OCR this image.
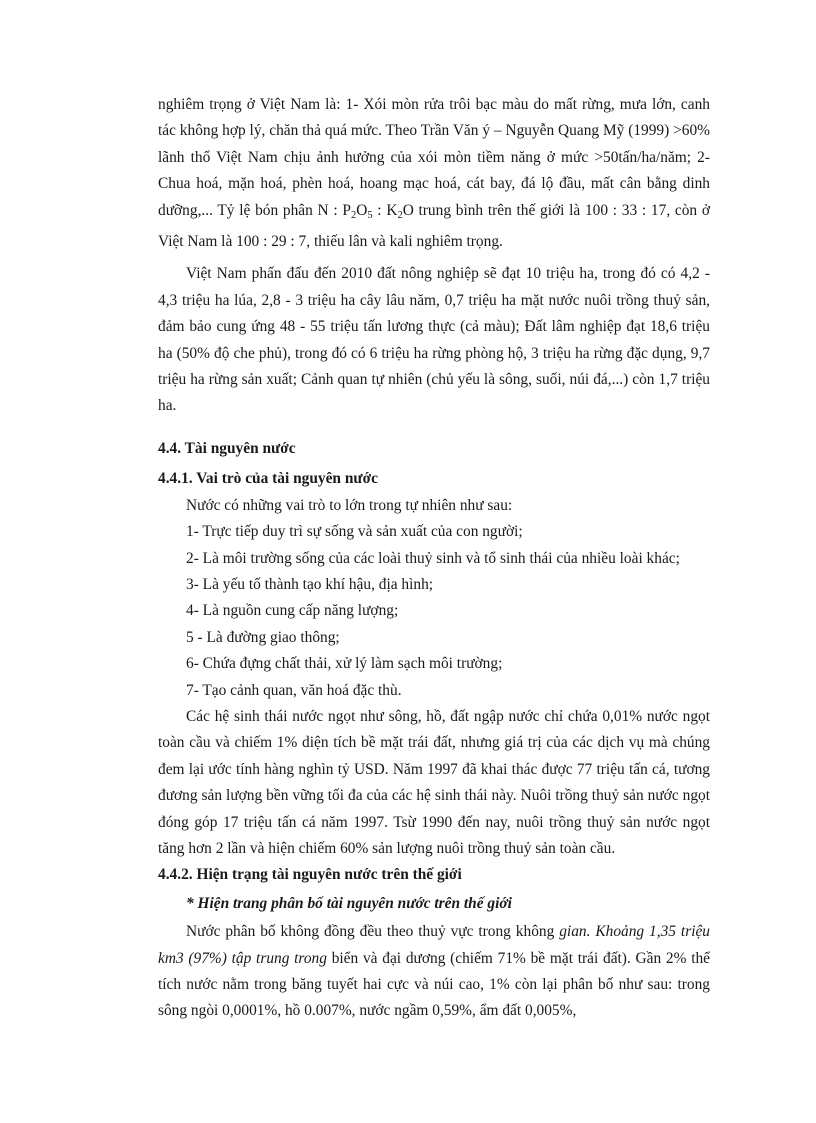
nghiêm trọng ở Việt Nam là: 1- Xói mòn rửa trôi bạc màu do mất rừng, mưa lớn, canh tác không hợp lý, chăn thả quá mức. Theo Trần Văn ý – Nguyễn Quang Mỹ (1999) >60% lãnh thổ Việt Nam chịu ảnh hưởng của xói mòn tiềm năng ở mức >50tấn/ha/năm; 2- Chua hoá, mặn hoá, phèn hoá, hoang mạc hoá, cát bay, đá lộ đầu, mất cân bằng dinh dưỡng,... Tỷ lệ bón phân N : $P_2O_5$ : $K_2O$ trung bình trên thế giới là 100 : 33 : 17, còn ở Việt Nam là 100 : 29 : 7, thiếu lân và kali nghiêm trọng.

Việt Nam phấn đấu đến 2010 đất nông nghiệp sẽ đạt 10 triệu ha, trong đó có 4,2 - 4,3 triệu ha lúa, 2,8 - 3 triệu ha cây lâu năm, 0,7 triệu ha mặt nước nuôi trồng thuỷ sản, đảm bảo cung ứng 48 - 55 triệu tấn lương thực (cả màu); Đất lâm nghiệp đạt 18,6 triệu ha (50% độ che phủ), trong đó có 6 triệu ha rừng phòng hộ, 3 triệu ha rừng đặc dụng, 9,7 triệu ha rừng sản xuất; Cảnh quan tự nhiên (chủ yếu là sông, suối, núi đá,...) còn 1,7 triệu ha.

4.4. Tài nguyên nước

4.4.1. Vai trò của tài nguyên nước

Nước có những vai trò to lớn trong tự nhiên như sau:

1- Trực tiếp duy trì sự sống và sản xuất của con người;

2- Là môi trường sống của các loài thuỷ sinh và tổ sinh thái của nhiều loài khác;

3- Là yếu tố thành tạo khí hậu, địa hình;

4- Là nguồn cung cấp năng lượng;

5 - Là đường giao thông;

6- Chứa đựng chất thải, xử lý làm sạch môi trường;

7- Tạo cảnh quan, văn hoá đặc thù.

Các hệ sinh thái nước ngọt như sông, hồ, đất ngập nước chỉ chứa 0,01% nước ngọt toàn cầu và chiếm 1% diện tích bề mặt trái đất, nhưng giá trị của các dịch vụ mà chúng đem lại ước tính hàng nghìn tỷ USD. Năm 1997 đã khai thác được 77 triệu tấn cá, tương đương sản lượng bền vững tối đa của các hệ sinh thái này. Nuôi trồng thuỷ sản nước ngọt đóng góp 17 triệu tấn cá năm 1997. Tsừ 1990 đến nay, nuôi trồng thuỷ sản nước ngọt tăng hơn 2 lần và hiện chiếm 60% sản lượng nuôi trồng thuỷ sản toàn cầu.

4.4.2. Hiện trạng tài nguyên nước trên thế giới

* Hiện trang phân bố tài nguyên nước trên thế giới

Nước phân bố không đồng đều theo thuỷ vực trong không gian. Khoảng 1,35 triệu km3 (97%) tập trung trong biển và đại dương (chiếm 71% bề mặt trái đất). Gần 2% thể tích nước nằm trong băng tuyết hai cực và núi cao, 1% còn lại phân bố như sau: trong sông ngòi 0,0001%, hồ 0.007%, nước ngầm 0,59%, ẩm đất 0,005%,
